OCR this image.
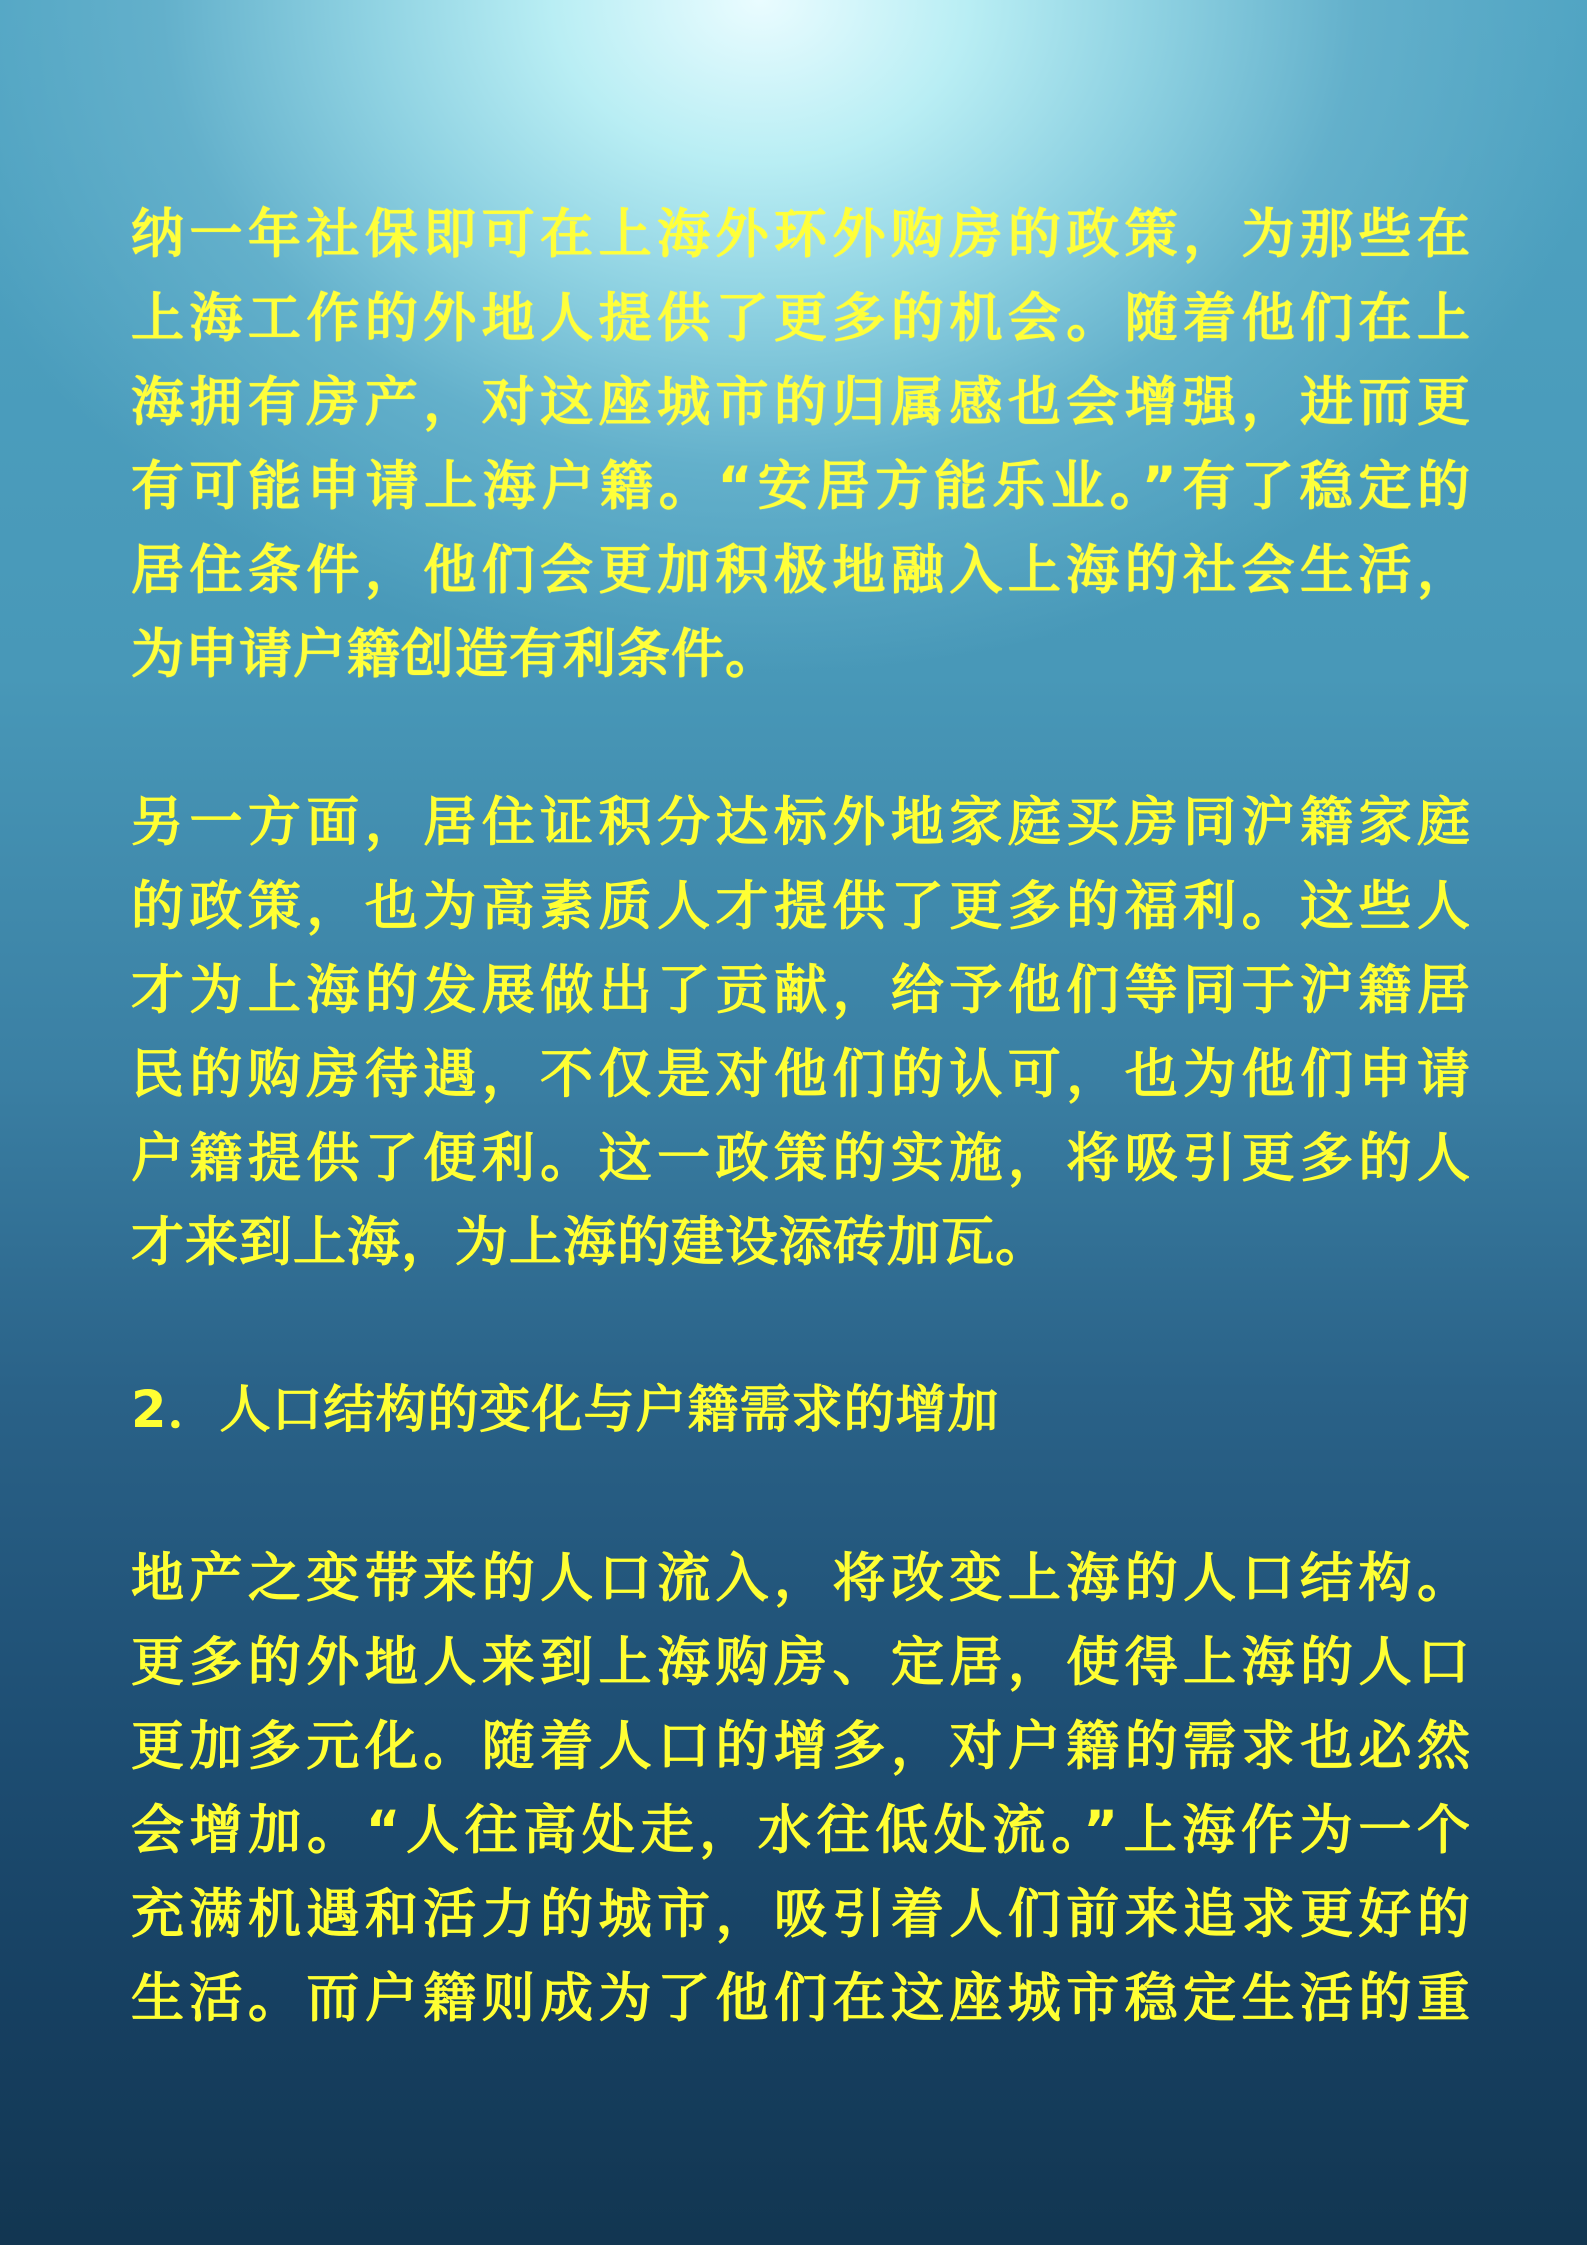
纳一年社保即可在上海外环外购房的政策，为那些在
上海工作的外地人提供了更多的机会。随着他们在上
海拥有房产，对这座城市的归属感也会增强，进而更
有可能申请上海户籍。“安居方能乐业。”有了稳定的
居住条件，他们会更加积极地融入上海的社会生活，
为申请户籍创造有利条件。
另一方面，居住证积分达标外地家庭买房同沪籍家庭
的政策，也为高素质人才提供了更多的福利。这些人
才为上海的发展做出了贡献，给予他们等同于沪籍居
民的购房待遇，不仅是对他们的认可，也为他们申请
户籍提供了便利。这一政策的实施，将吸引更多的人
才来到上海，为上海的建设添砖加瓦。
2．人口结构的变化与户籍需求的增加
地产之变带来的人口流入，将改变上海的人口结构。
更多的外地人来到上海购房、定居，使得上海的人口
更加多元化。随着人口的增多，对户籍的需求也必然
会增加。“人往高处走，水往低处流。”上海作为一个
充满机遇和活力的城市，吸引着人们前来追求更好的
生活。而户籍则成为了他们在这座城市稳定生活的重
